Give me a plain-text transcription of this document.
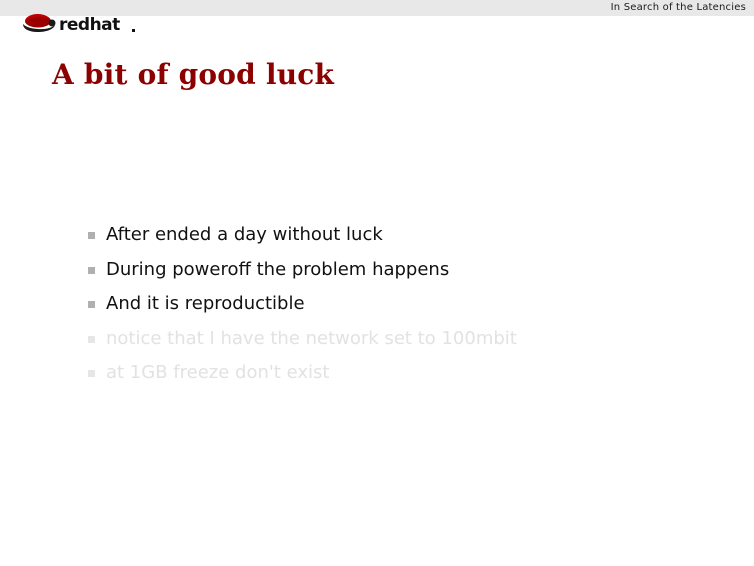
In Search of the Latencies
redhat
A bit of good luck
After ended a day without luck
During poweroff the problem happens
And it is reproductible
notice that I have the network set to 100mbit
at 1GB freeze don't exist
